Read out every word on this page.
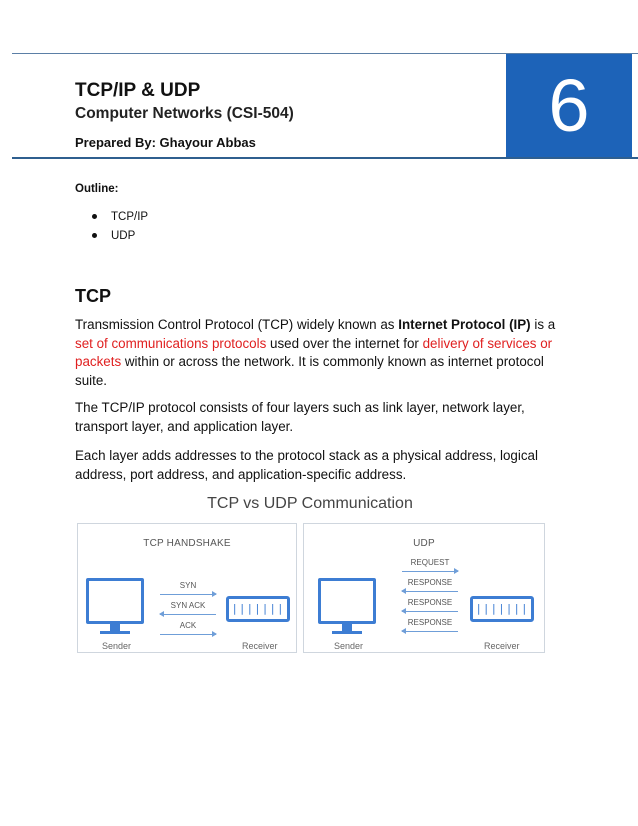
TCP/IP & UDP
Computer Networks (CSI-504)
Prepared By: Ghayour Abbas	6
Outline:
TCP/IP
UDP
TCP

Transmission Control Protocol (TCP) widely known as Internet Protocol (IP) is a set of communications protocols used over the internet for delivery of services or packets within or across the network. It is commonly known as internet protocol suite.

The TCP/IP protocol consists of four layers such as link layer, network layer, transport layer, and application layer.

Each layer adds addresses to the protocol stack as a physical address, logical address, port address, and application-specific address.

TCP vs UDP Communication
TCP HANDSHAKE
Sender
SYN
SYN ACK
ACK
|||||||
Receiver
UDP
Sender
REQUEST
RESPONSE
RESPONSE
RESPONSE
|||||||
Receiver
